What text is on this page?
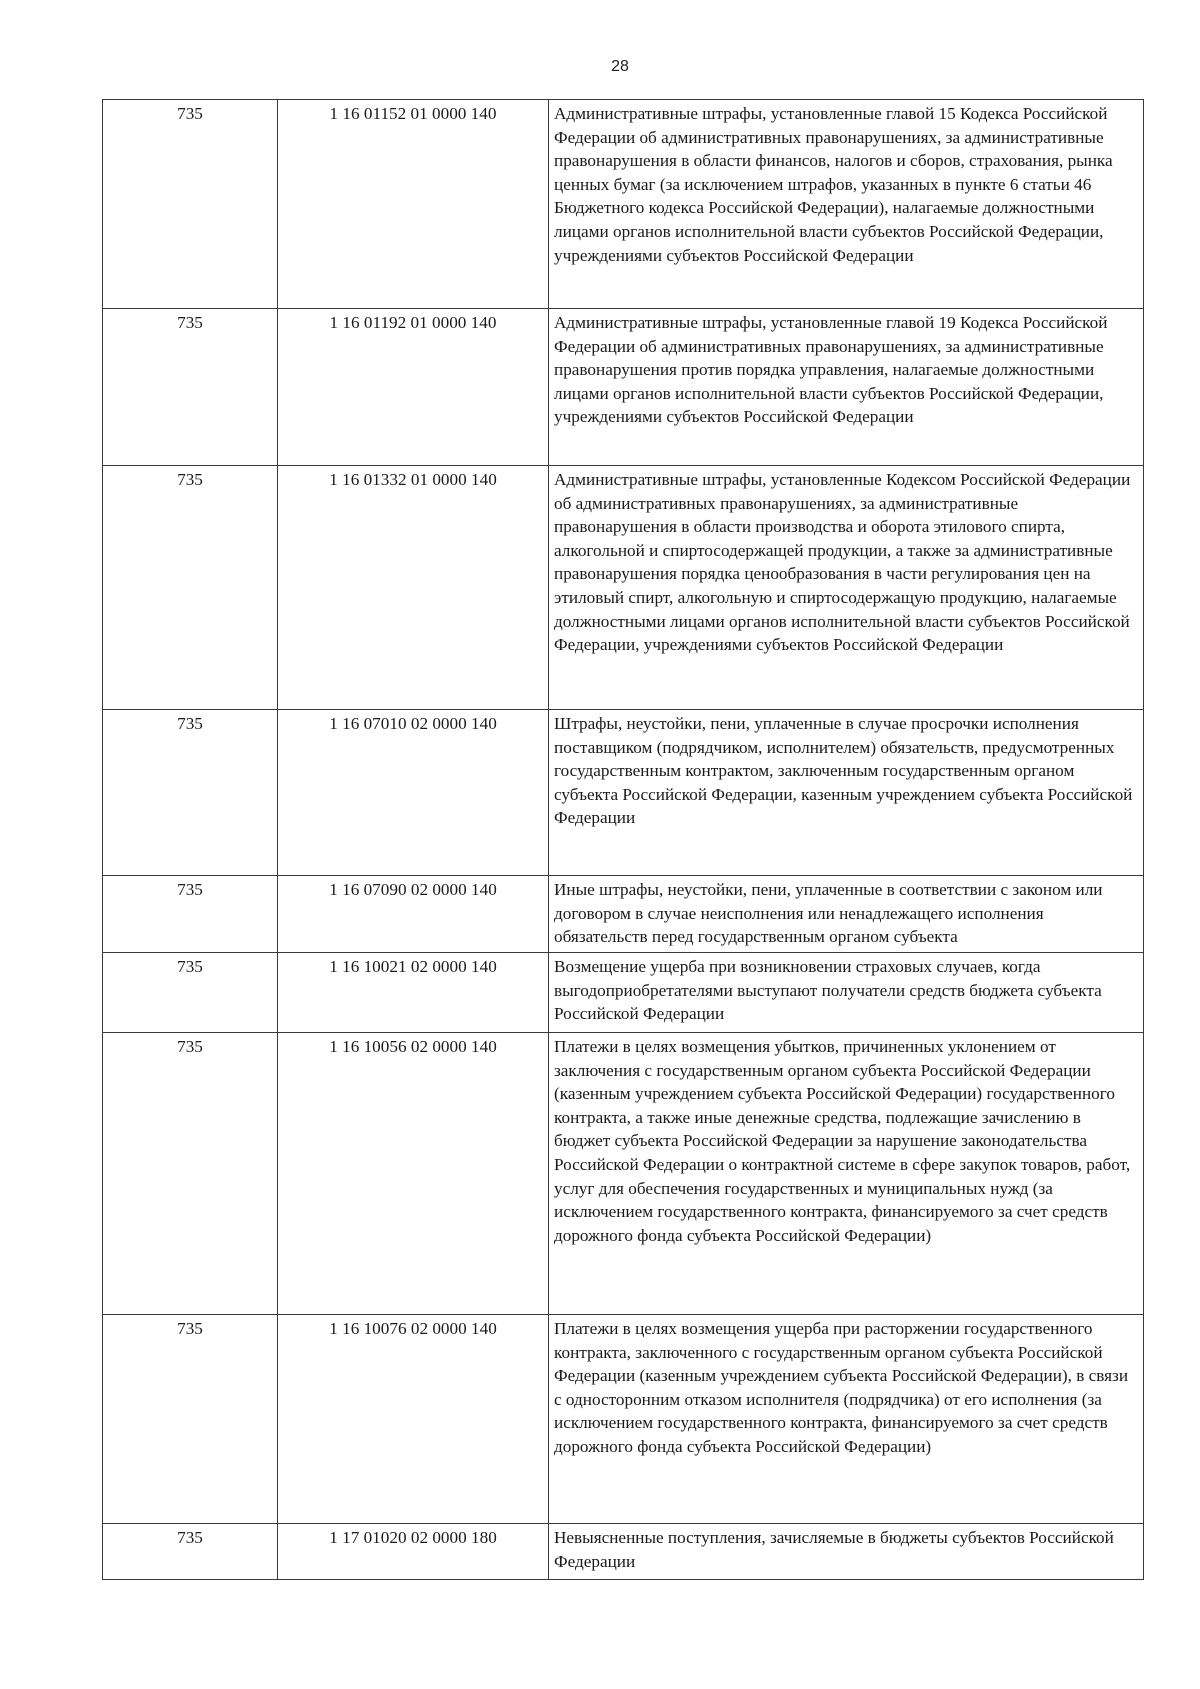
28
735	1 16 01152 01 0000 140	Административные штрафы, установленные главой 15 Кодекса Российской Федерации об административных правонарушениях, за административные правонарушения в области финансов, налогов и сборов, страхования, рынка ценных бумаг (за исключением штрафов, указанных в пункте 6 статьи 46 Бюджетного кодекса Российской Федерации), налагаемые должностными лицами органов исполнительной власти субъектов Российской Федерации, учреждениями субъектов Российской Федерации
735	1 16 01192 01 0000 140	Административные штрафы, установленные главой 19 Кодекса Российской Федерации об административных правонарушениях, за административные правонарушения против порядка управления, налагаемые должностными лицами органов исполнительной власти субъектов Российской Федерации, учреждениями субъектов Российской Федерации
735	1 16 01332 01 0000 140	Административные штрафы, установленные Кодексом Российской Федерации об административных правонарушениях, за административные правонарушения в области производства и оборота этилового спирта, алкогольной и спиртосодержащей продукции, а также за административные правонарушения порядка ценообразования в части регулирования цен на этиловый спирт, алкогольную и спиртосодержащую продукцию, налагаемые должностными лицами органов исполнительной власти субъектов Российской Федерации, учреждениями субъектов Российской Федерации
735	1 16 07010 02 0000 140	Штрафы, неустойки, пени, уплаченные в случае просрочки исполнения поставщиком (подрядчиком, исполнителем) обязательств, предусмотренных государственным контрактом, заключенным государственным органом субъекта Российской Федерации, казенным учреждением субъекта Российской Федерации
735	1 16 07090 02 0000 140	Иные штрафы, неустойки, пени, уплаченные в соответствии с законом или договором в случае неисполнения или ненадлежащего исполнения обязательств перед государственным органом субъекта
735	1 16 10021 02 0000 140	Возмещение ущерба при возникновении страховых случаев, когда выгодоприобретателями выступают получатели средств бюджета субъекта Российской Федерации
735	1 16 10056 02 0000 140	Платежи в целях возмещения убытков, причиненных уклонением от заключения с государственным органом субъекта Российской Федерации (казенным учреждением субъекта Российской Федерации) государственного контракта, а также иные денежные средства, подлежащие зачислению в бюджет субъекта Российской Федерации за нарушение законодательства Российской Федерации о контрактной системе в сфере закупок товаров, работ, услуг для обеспечения государственных и муниципальных нужд (за исключением государственного контракта, финансируемого за счет средств дорожного фонда субъекта Российской Федерации)
735	1 16 10076 02 0000 140	Платежи в целях возмещения ущерба при расторжении государственного контракта, заключенного с государственным органом субъекта Российской Федерации (казенным учреждением субъекта Российской Федерации), в связи с односторонним отказом исполнителя (подрядчика) от его исполнения (за исключением государственного контракта, финансируемого за счет средств дорожного фонда субъекта Российской Федерации)
735	1 17 01020 02 0000 180	Невыясненные поступления, зачисляемые в бюджеты субъектов Российской Федерации
